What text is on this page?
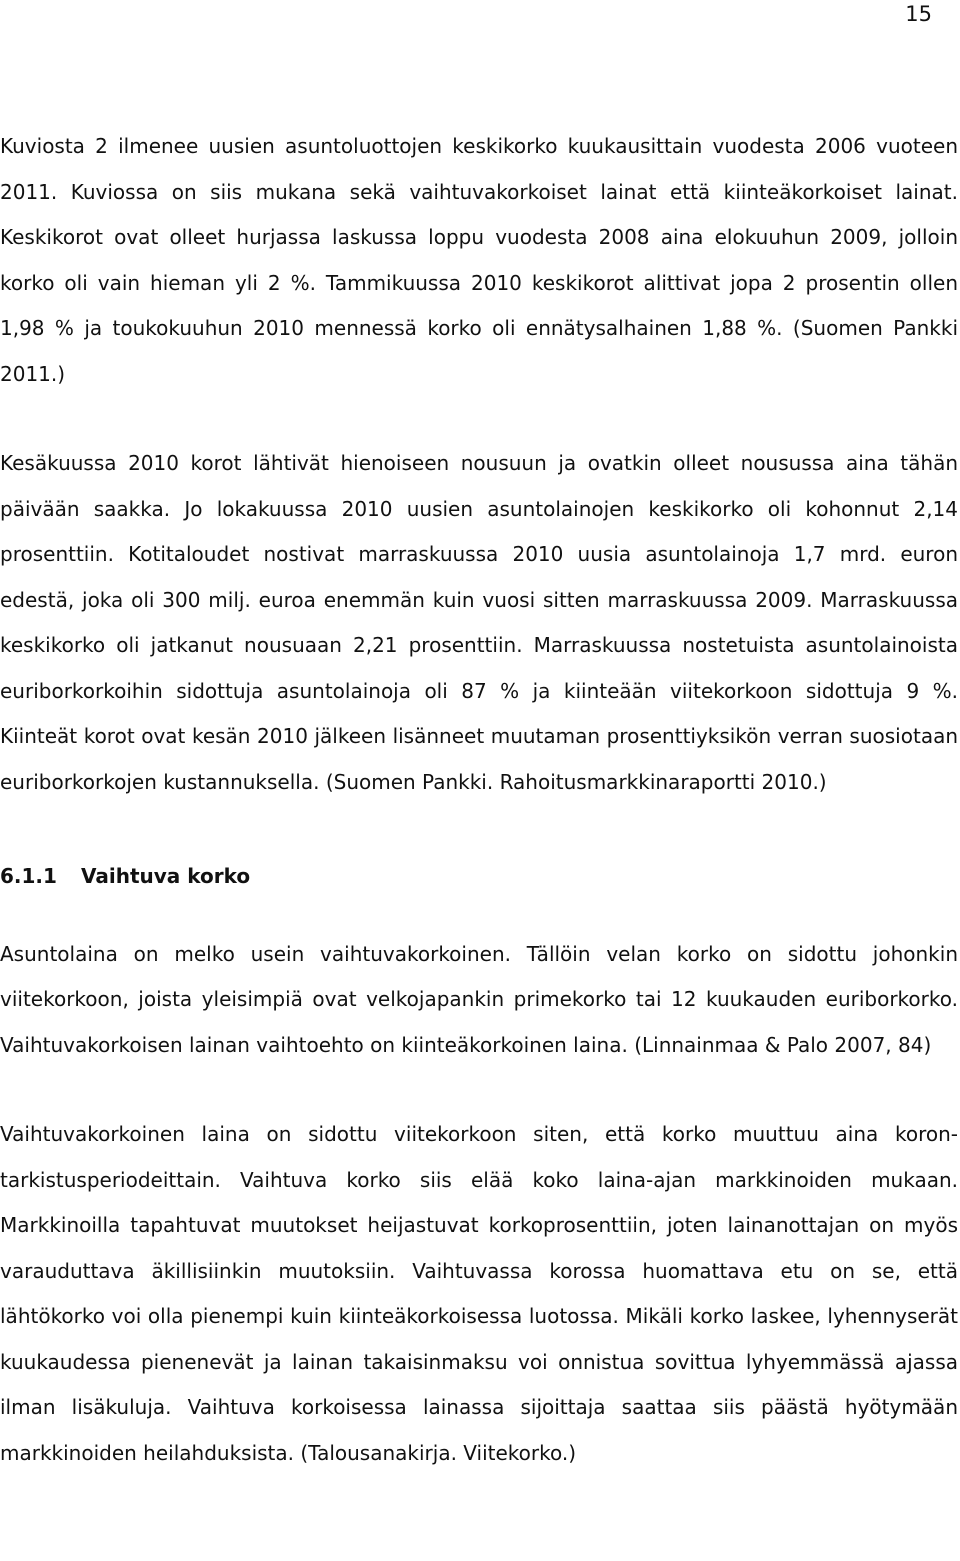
15

Kuviosta 2 ilmenee uusien asuntoluottojen keskikorko kuukausittain vuodesta 2006 vuoteen 2011. Kuviossa on siis mukana sekä vaihtuvakorkoiset lainat että kiinteäkorkoiset lainat. Keskikorot ovat olleet hurjassa laskussa loppu vuodesta 2008 aina elokuuhun 2009, jolloin korko oli vain hieman yli 2 %. Tammikuussa 2010 keskikorot alittivat jopa 2 prosentin ollen 1,98 % ja toukokuuhun 2010 mennessä korko oli ennätysalhainen 1,88 %. (Suomen Pankki 2011.)

Kesäkuussa 2010 korot lähtivät hienoiseen nousuun ja ovatkin olleet nousussa aina tähän päivään saakka. Jo lokakuussa 2010 uusien asuntolainojen keskikorko oli kohonnut 2,14 prosenttiin. Kotitaloudet nostivat marraskuussa 2010 uusia asuntolainoja 1,7 mrd. euron edestä, joka oli 300 milj. euroa enemmän kuin vuosi sitten marraskuussa 2009. Marraskuussa keskikorko oli jatkanut nousuaan 2,21 prosenttiin. Marraskuussa nostetuista asuntolainoista euriborkorkoihin sidottuja asuntolainoja oli 87 % ja kiinteään viitekorkoon sidottuja 9 %. Kiinteät korot ovat kesän 2010 jälkeen lisänneet muutaman prosenttiyksikön verran suosiotaan euriborkorkojen kustannuksella. (Suomen Pankki. Rahoitusmarkkinaraportti 2010.)

6.1.1	Vaihtuva korko

Asuntolaina on melko usein vaihtuvakorkoinen. Tällöin velan korko on sidottu johonkin viitekorkoon, joista yleisimpiä ovat velkojapankin primekorko tai 12 kuukauden euriborkorko. Vaihtuvakorkoisen lainan vaihtoehto on kiinteäkorkoinen laina. (Linnainmaa & Palo 2007, 84)

Vaihtuvakorkoinen laina on sidottu viitekorkoon siten, että korko muuttuu aina korontarkistusperiodeittain. Vaihtuva korko siis elää koko laina-ajan markkinoiden mukaan. Markkinoilla tapahtuvat muutokset heijastuvat korkoprosenttiin, joten lainanottajan on myös varauduttava äkillisiinkin muutoksiin. Vaihtuvassa korossa huomattava etu on se, että lähtökorko voi olla pienempi kuin kiinteäkorkoisessa luotossa. Mikäli korko laskee, lyhennyserät kuukaudessa pienenevät ja lainan takaisinmaksu voi onnistua sovittua lyhyemmässä ajassa ilman lisäkuluja. Vaihtuva korkoisessa lainassa sijoittaja saattaa siis päästä hyötymään markkinoiden heilahduksista. (Talousanakirja. Viitekorko.)
